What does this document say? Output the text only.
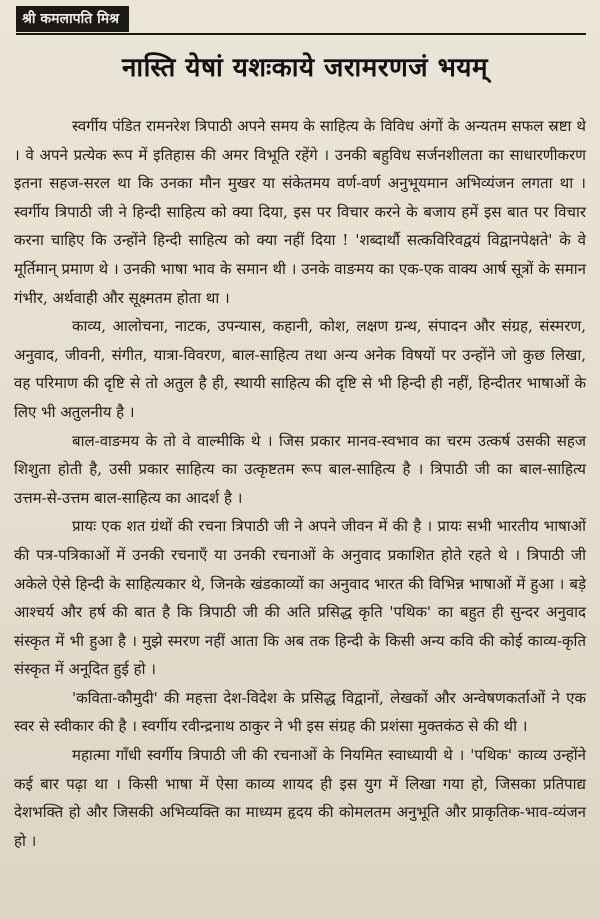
श्री कमलापति मिश्र
नास्ति येषां यशःकाये जरामरणजं भयम्

स्वर्गीय पंडित रामनरेश त्रिपाठी अपने समय के साहित्य के विविध अंगों के अन्यतम सफल स्रष्टा थे । वे अपने प्रत्येक रूप में इतिहास की अमर विभूति रहेंगे । उनकी बहुविध सर्जनशीलता का साधारणीकरण इतना सहज-सरल था कि उनका मौन मुखर या संकेतमय वर्ण-वर्ण अनुभूयमान अभिव्यंजन लगता था । स्वर्गीय त्रिपाठी जी ने हिन्दी साहित्य को क्या दिया, इस पर विचार करने के बजाय हमें इस बात पर विचार करना चाहिए कि उन्होंने हिन्दी साहित्य को क्या नहीं दिया ! 'शब्दार्थौ सत्कविरिवद्वयं विद्वानपेक्षते' के वे मूर्तिमान् प्रमाण थे । उनकी भाषा भाव के समान थी । उनके वाङमय का एक-एक वाक्य आर्ष सूत्रों के समान गंभीर, अर्थवाही और सूक्ष्मतम होता था ।

काव्य, आलोचना, नाटक, उपन्यास, कहानी, कोश, लक्षण ग्रन्थ, संपादन और संग्रह, संस्मरण, अनुवाद, जीवनी, संगीत, यात्रा-विवरण, बाल-साहित्य तथा अन्य अनेक विषयों पर उन्होंने जो कुछ लिखा, वह परिमाण की दृष्टि से तो अतुल है ही, स्थायी साहित्य की दृष्टि से भी हिन्दी ही नहीं, हिन्दीतर भाषाओं के लिए भी अतुलनीय है ।

बाल-वाङमय के तो वे वाल्मीकि थे । जिस प्रकार मानव-स्वभाव का चरम उत्कर्ष उसकी सहज शिशुता होती है, उसी प्रकार साहित्य का उत्कृष्टतम रूप बाल-साहित्य है । त्रिपाठी जी का बाल-साहित्य उत्तम-से-उत्तम बाल-साहित्य का आदर्श है ।

प्रायः एक शत ग्रंथों की रचना त्रिपाठी जी ने अपने जीवन में की है । प्रायः सभी भारतीय भाषाओं की पत्र-पत्रिकाओं में उनकी रचनाएँ या उनकी रचनाओं के अनुवाद प्रकाशित होते रहते थे । त्रिपाठी जी अकेले ऐसे हिन्दी के साहित्यकार थे, जिनके खंडकाव्यों का अनुवाद भारत की विभिन्न भाषाओं में हुआ । बड़े आश्चर्य और हर्ष की बात है कि त्रिपाठी जी की अति प्रसिद्ध कृति 'पथिक' का बहुत ही सुन्दर अनुवाद संस्कृत में भी हुआ है । मुझे स्मरण नहीं आता कि अब तक हिन्दी के किसी अन्य कवि की कोई काव्य-कृति संस्कृत में अनूदित हुई हो ।

'कविता-कौमुदी' की महत्ता देश-विदेश के प्रसिद्ध विद्वानों, लेखकों और अन्वेषणकर्ताओं ने एक स्वर से स्वीकार की है । स्वर्गीय रवीन्द्रनाथ ठाकुर ने भी इस संग्रह की प्रशंसा मुक्तकंठ से की थी ।

महात्मा गाँधी स्वर्गीय त्रिपाठी जी की रचनाओं के नियमित स्वाध्यायी थे । 'पथिक' काव्य उन्होंने कई बार पढ़ा था । किसी भाषा में ऐसा काव्य शायद ही इस युग में लिखा गया हो, जिसका प्रतिपाद्य देशभक्ति हो और जिसकी अभिव्यक्ति का माध्यम हृदय की कोमलतम अनुभूति और प्राकृतिक-भाव-व्यंजन हो ।
